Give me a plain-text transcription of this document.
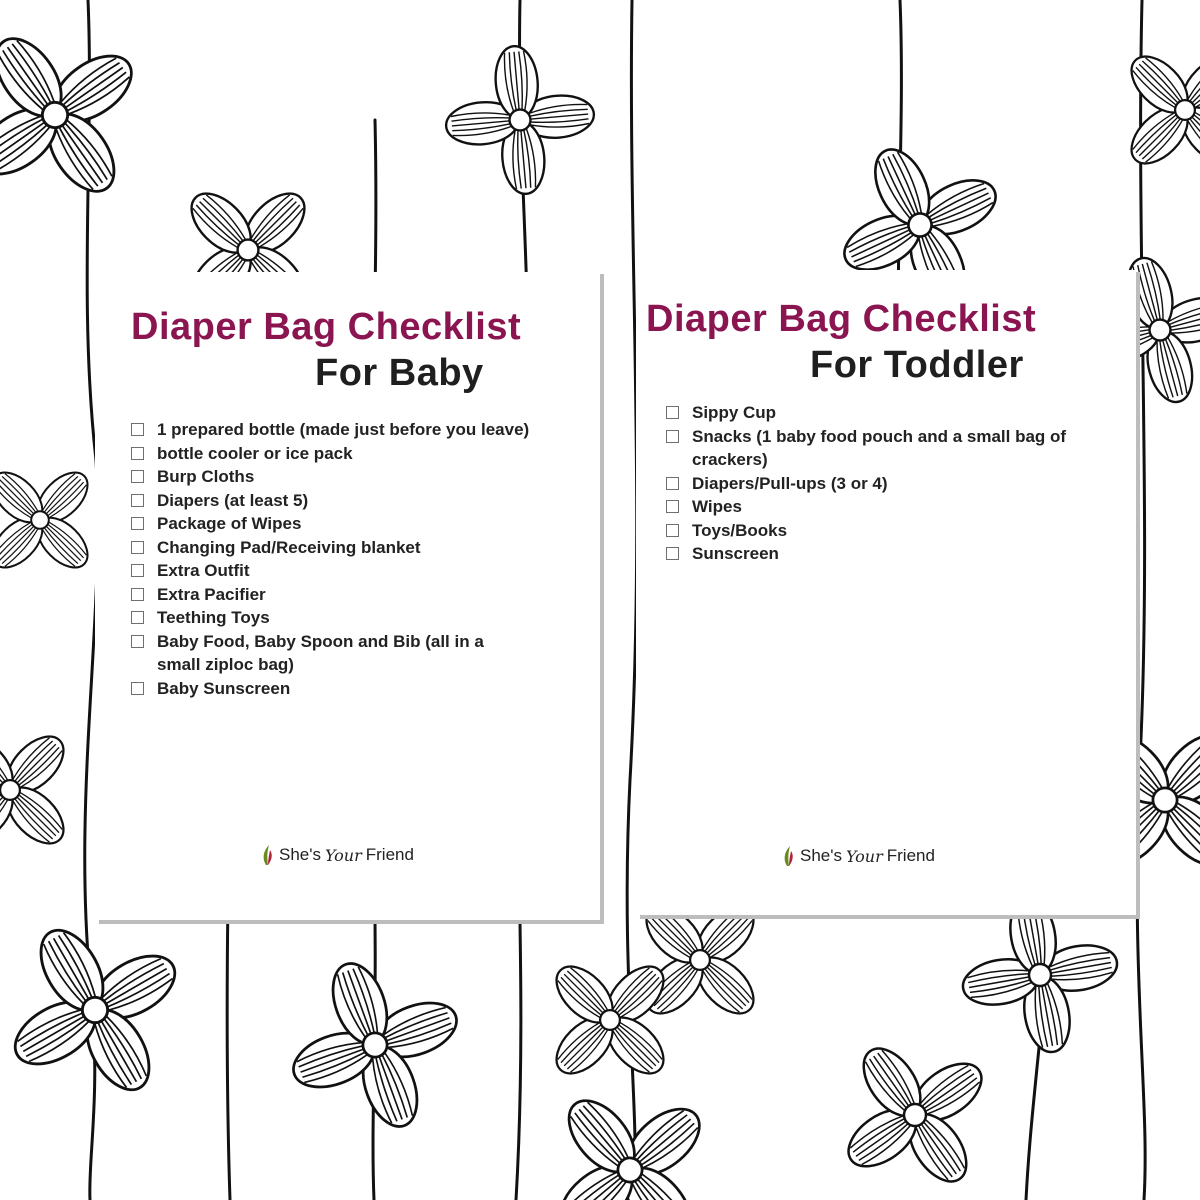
Diaper Bag Checklist
For Baby
1 prepared bottle (made just before you leave)
bottle cooler or ice pack
Burp Cloths
Diapers (at least 5)
Package of Wipes
Changing Pad/Receiving blanket
Extra Outfit
Extra Pacifier
Teething Toys
Baby Food, Baby Spoon and Bib (all in a small ziploc bag)
Baby Sunscreen
She's Your Friend
Diaper Bag Checklist
For Toddler
Sippy Cup
Snacks (1 baby food pouch and a small bag of crackers)
Diapers/Pull-ups (3 or 4)
Wipes
Toys/Books
Sunscreen
She's Your Friend
